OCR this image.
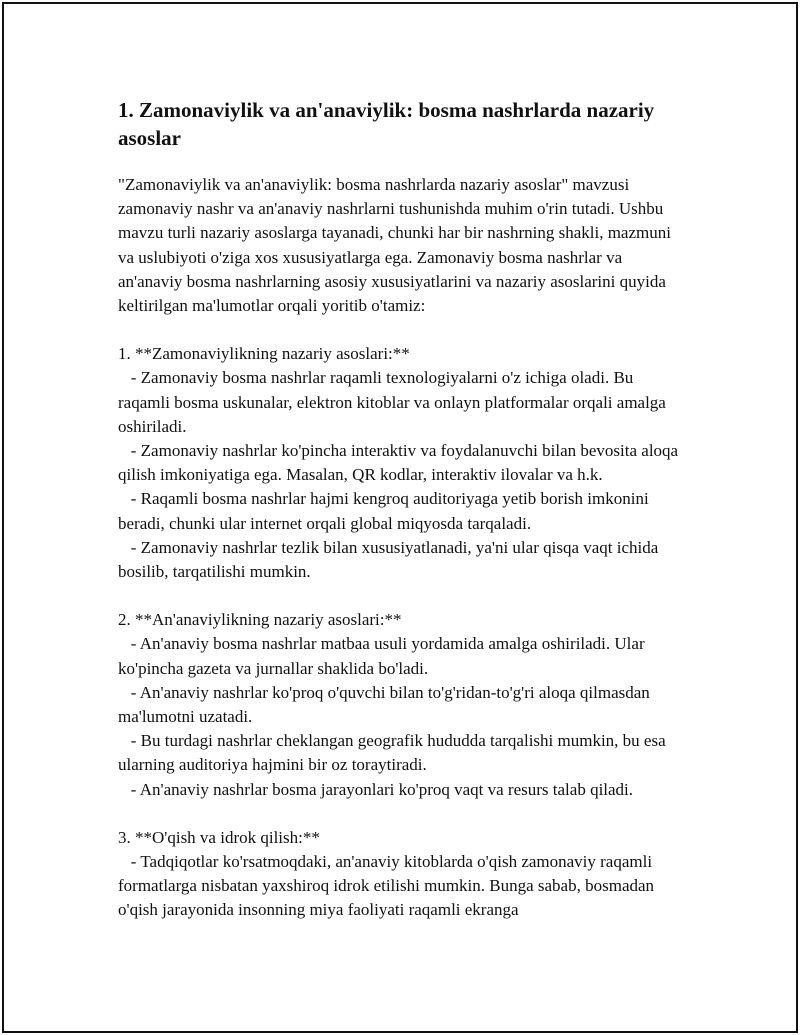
1. Zamonaviylik va an'anaviylik: bosma nashrlarda nazariy asoslar

"Zamonaviylik va an'anaviylik: bosma nashrlarda nazariy asoslar" mavzusi zamonaviy nashr va an'anaviy nashrlarni tushunishda muhim o'rin tutadi. Ushbu mavzu turli nazariy asoslarga tayanadi, chunki har bir nashrning shakli, mazmuni va uslubiyoti o'ziga xos xususiyatlarga ega. Zamonaviy bosma nashrlar va an'anaviy bosma nashrlarning asosiy xususiyatlarini va nazariy asoslarini quyida keltirilgan ma'lumotlar orqali yoritib o'tamiz:

1. **Zamonaviylikning nazariy asoslari:**

- Zamonaviy bosma nashrlar raqamli texnologiyalarni o'z ichiga oladi. Bu raqamli bosma uskunalar, elektron kitoblar va onlayn platformalar orqali amalga oshiriladi.

- Zamonaviy nashrlar ko'pincha interaktiv va foydalanuvchi bilan bevosita aloqa qilish imkoniyatiga ega. Masalan, QR kodlar, interaktiv ilovalar va h.k.

- Raqamli bosma nashrlar hajmi kengroq auditoriyaga yetib borish imkonini beradi, chunki ular internet orqali global miqyosda tarqaladi.

- Zamonaviy nashrlar tezlik bilan xususiyatlanadi, ya'ni ular qisqa vaqt ichida bosilib, tarqatilishi mumkin.

2. **An'anaviylikning nazariy asoslari:**

- An'anaviy bosma nashrlar matbaa usuli yordamida amalga oshiriladi. Ular ko'pincha gazeta va jurnallar shaklida bo'ladi.

- An'anaviy nashrlar ko'proq o'quvchi bilan to'g'ridan-to'g'ri aloqa qilmasdan ma'lumotni uzatadi.

- Bu turdagi nashrlar cheklangan geografik hududda tarqalishi mumkin, bu esa ularning auditoriya hajmini bir oz toraytiradi.

- An'anaviy nashrlar bosma jarayonlari ko'proq vaqt va resurs talab qiladi.

3. **O'qish va idrok qilish:**

- Tadqiqotlar ko'rsatmoqdaki, an'anaviy kitoblarda o'qish zamonaviy raqamli formatlarga nisbatan yaxshiroq idrok etilishi mumkin. Bunga sabab, bosmadan o'qish jarayonida insonning miya faoliyati raqamli ekranga
